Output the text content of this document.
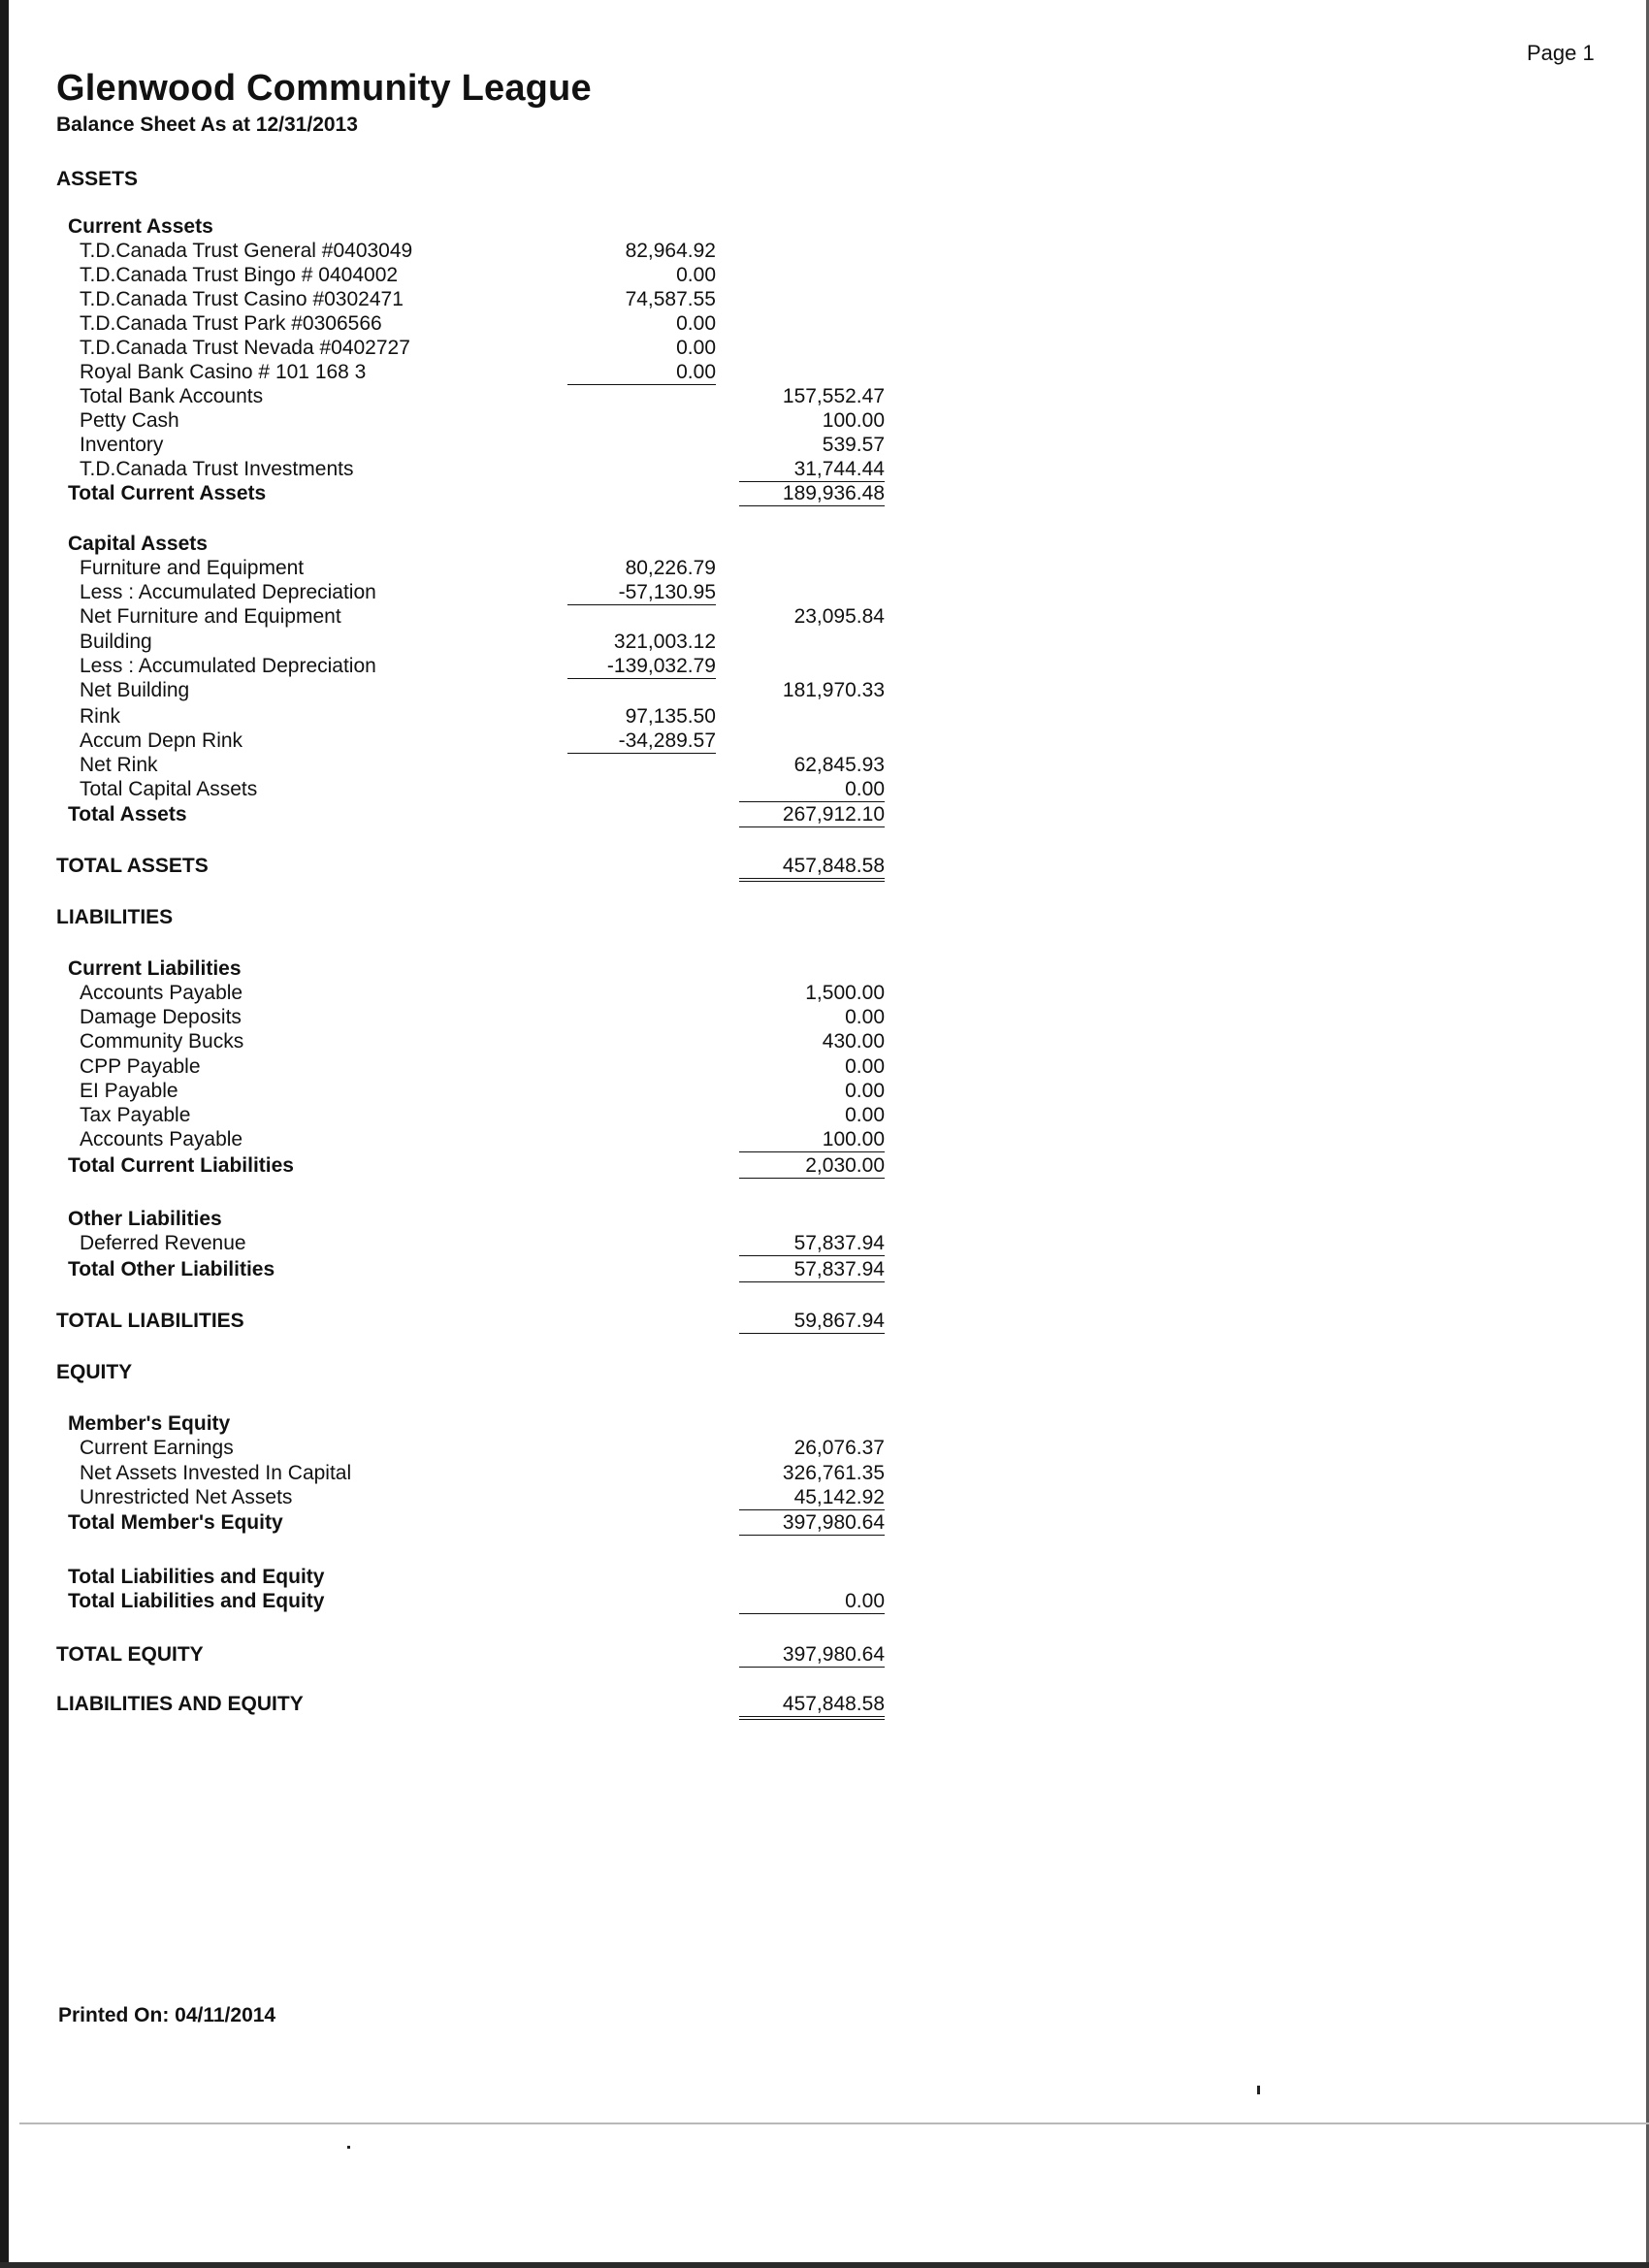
Page 1
Glenwood Community League
Balance Sheet As at 12/31/2013
ASSETS
Current Assets
T.D.Canada Trust General #0403049	82,964.92
T.D.Canada Trust Bingo # 0404002	0.00
T.D.Canada Trust Casino #0302471	74,587.55
T.D.Canada Trust Park #0306566	0.00
T.D.Canada Trust Nevada #0402727	0.00
Royal Bank Casino # 101 168 3	0.00
Total Bank Accounts	157,552.47
Petty Cash	100.00
Inventory	539.57
T.D.Canada Trust Investments	31,744.44
Total Current Assets	189,936.48
Capital Assets
Furniture and Equipment	80,226.79
Less : Accumulated Depreciation	-57,130.95
Net Furniture and Equipment	23,095.84
Building	321,003.12
Less : Accumulated Depreciation	-139,032.79
Net Building	181,970.33
Rink	97,135.50
Accum Depn Rink	-34,289.57
Net Rink	62,845.93
Total Capital Assets	0.00
Total Assets	267,912.10
TOTAL ASSETS	457,848.58
LIABILITIES
Current Liabilities
Accounts Payable	1,500.00
Damage Deposits	0.00
Community Bucks	430.00
CPP Payable	0.00
EI Payable	0.00
Tax Payable	0.00
Accounts Payable	100.00
Total Current Liabilities	2,030.00
Other Liabilities
Deferred Revenue	57,837.94
Total Other Liabilities	57,837.94
TOTAL LIABILITIES	59,867.94
EQUITY
Member's Equity
Current Earnings	26,076.37
Net Assets Invested In Capital	326,761.35
Unrestricted Net Assets	45,142.92
Total Member's Equity	397,980.64
Total Liabilities and Equity
Total Liabilities and Equity	0.00
TOTAL EQUITY	397,980.64
LIABILITIES AND EQUITY	457,848.58
Printed On: 04/11/2014
